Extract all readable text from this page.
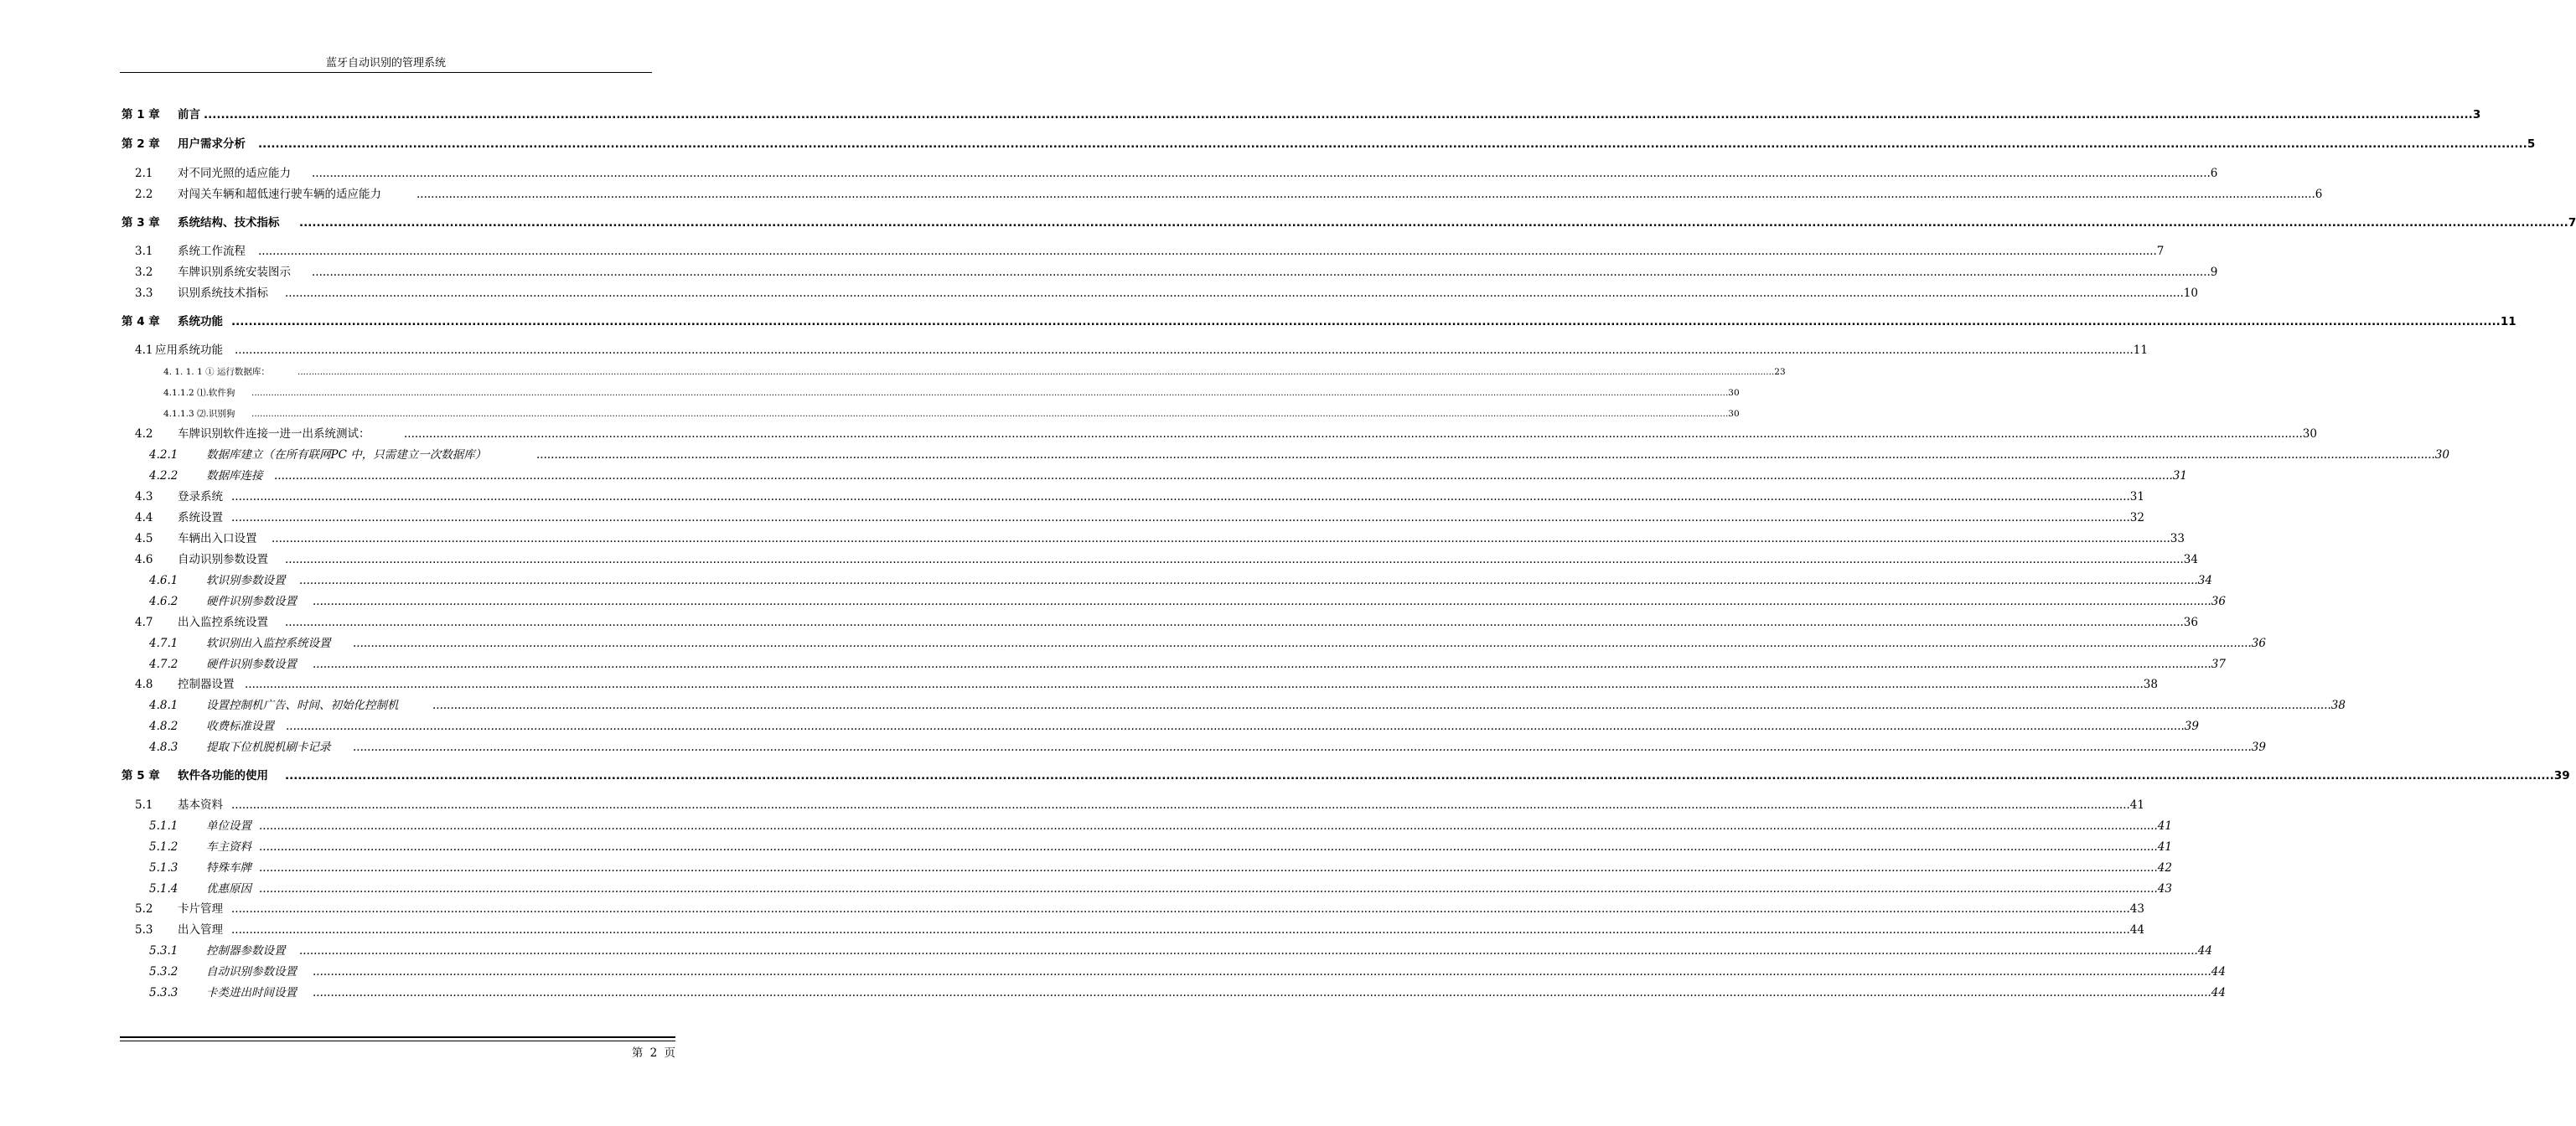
蓝牙自动识别的管理系统
第 1 章 前言 .....	3
第 2 章 用户需求分析 .....	5
2.1 对不同光照的适应能力 .....	6
2.2 对闯关车辆和超低速行驶车辆的适应能力 .....	6
第 3 章 系统结构、技术指标 .....	7
3.1 系统工作流程 .....	7
3.2 车牌识别系统安装图示 .....	9
3.3 识别系统技术指标 .....	10
第 4 章 系统功能 .....	11
4.1 应用系统功能 .....	11
4. 1. 1. 1 ① 运行数据库： .....	23
4.1.1.2 ⑴.软件狗 .....	30
4.1.1.3 ⑵.识别狗 .....	30
4.2 车牌识别软件连接一进一出系统测试： .....	30
4.2.1 数据库建立（在所有联网PC 中，只需建立一次数据库） .....	30
4.2.2 数据库连接 .....	31
4.3 登录系统 .....	31
4.4 系统设置 .....	32
4.5 车辆出入口设置 .....	33
4.6 自动识别参数设置 .....	34
4.6.1 软识别参数设置 .....	34
4.6.2 硬件识别参数设置 .....	36
4.7 出入监控系统设置 .....	36
4.7.1 软识别出入监控系统设置 .....	36
4.7.2 硬件识别参数设置 .....	37
4.8 控制器设置 .....	38
4.8.1 设置控制机广告、时间、初始化控制机 .....	38
4.8.2 收费标准设置 .....	39
4.8.3 提取下位机脱机刷卡记录 .....	39
第 5 章 软件各功能的使用 .....	39
5.1 基本资料 .....	41
5.1.1 单位设置 .....	41
5.1.2 车主资料 .....	41
5.1.3 特殊车牌 .....	42
5.1.4 优惠原因 .....	43
5.2 卡片管理 .....	43
5.3 出入管理 .....	44
5.3.1 控制器参数设置 .....	44
5.3.2 自动识别参数设置 .....	44
5.3.3 卡类进出时间设置 .....	44
第 2 页
